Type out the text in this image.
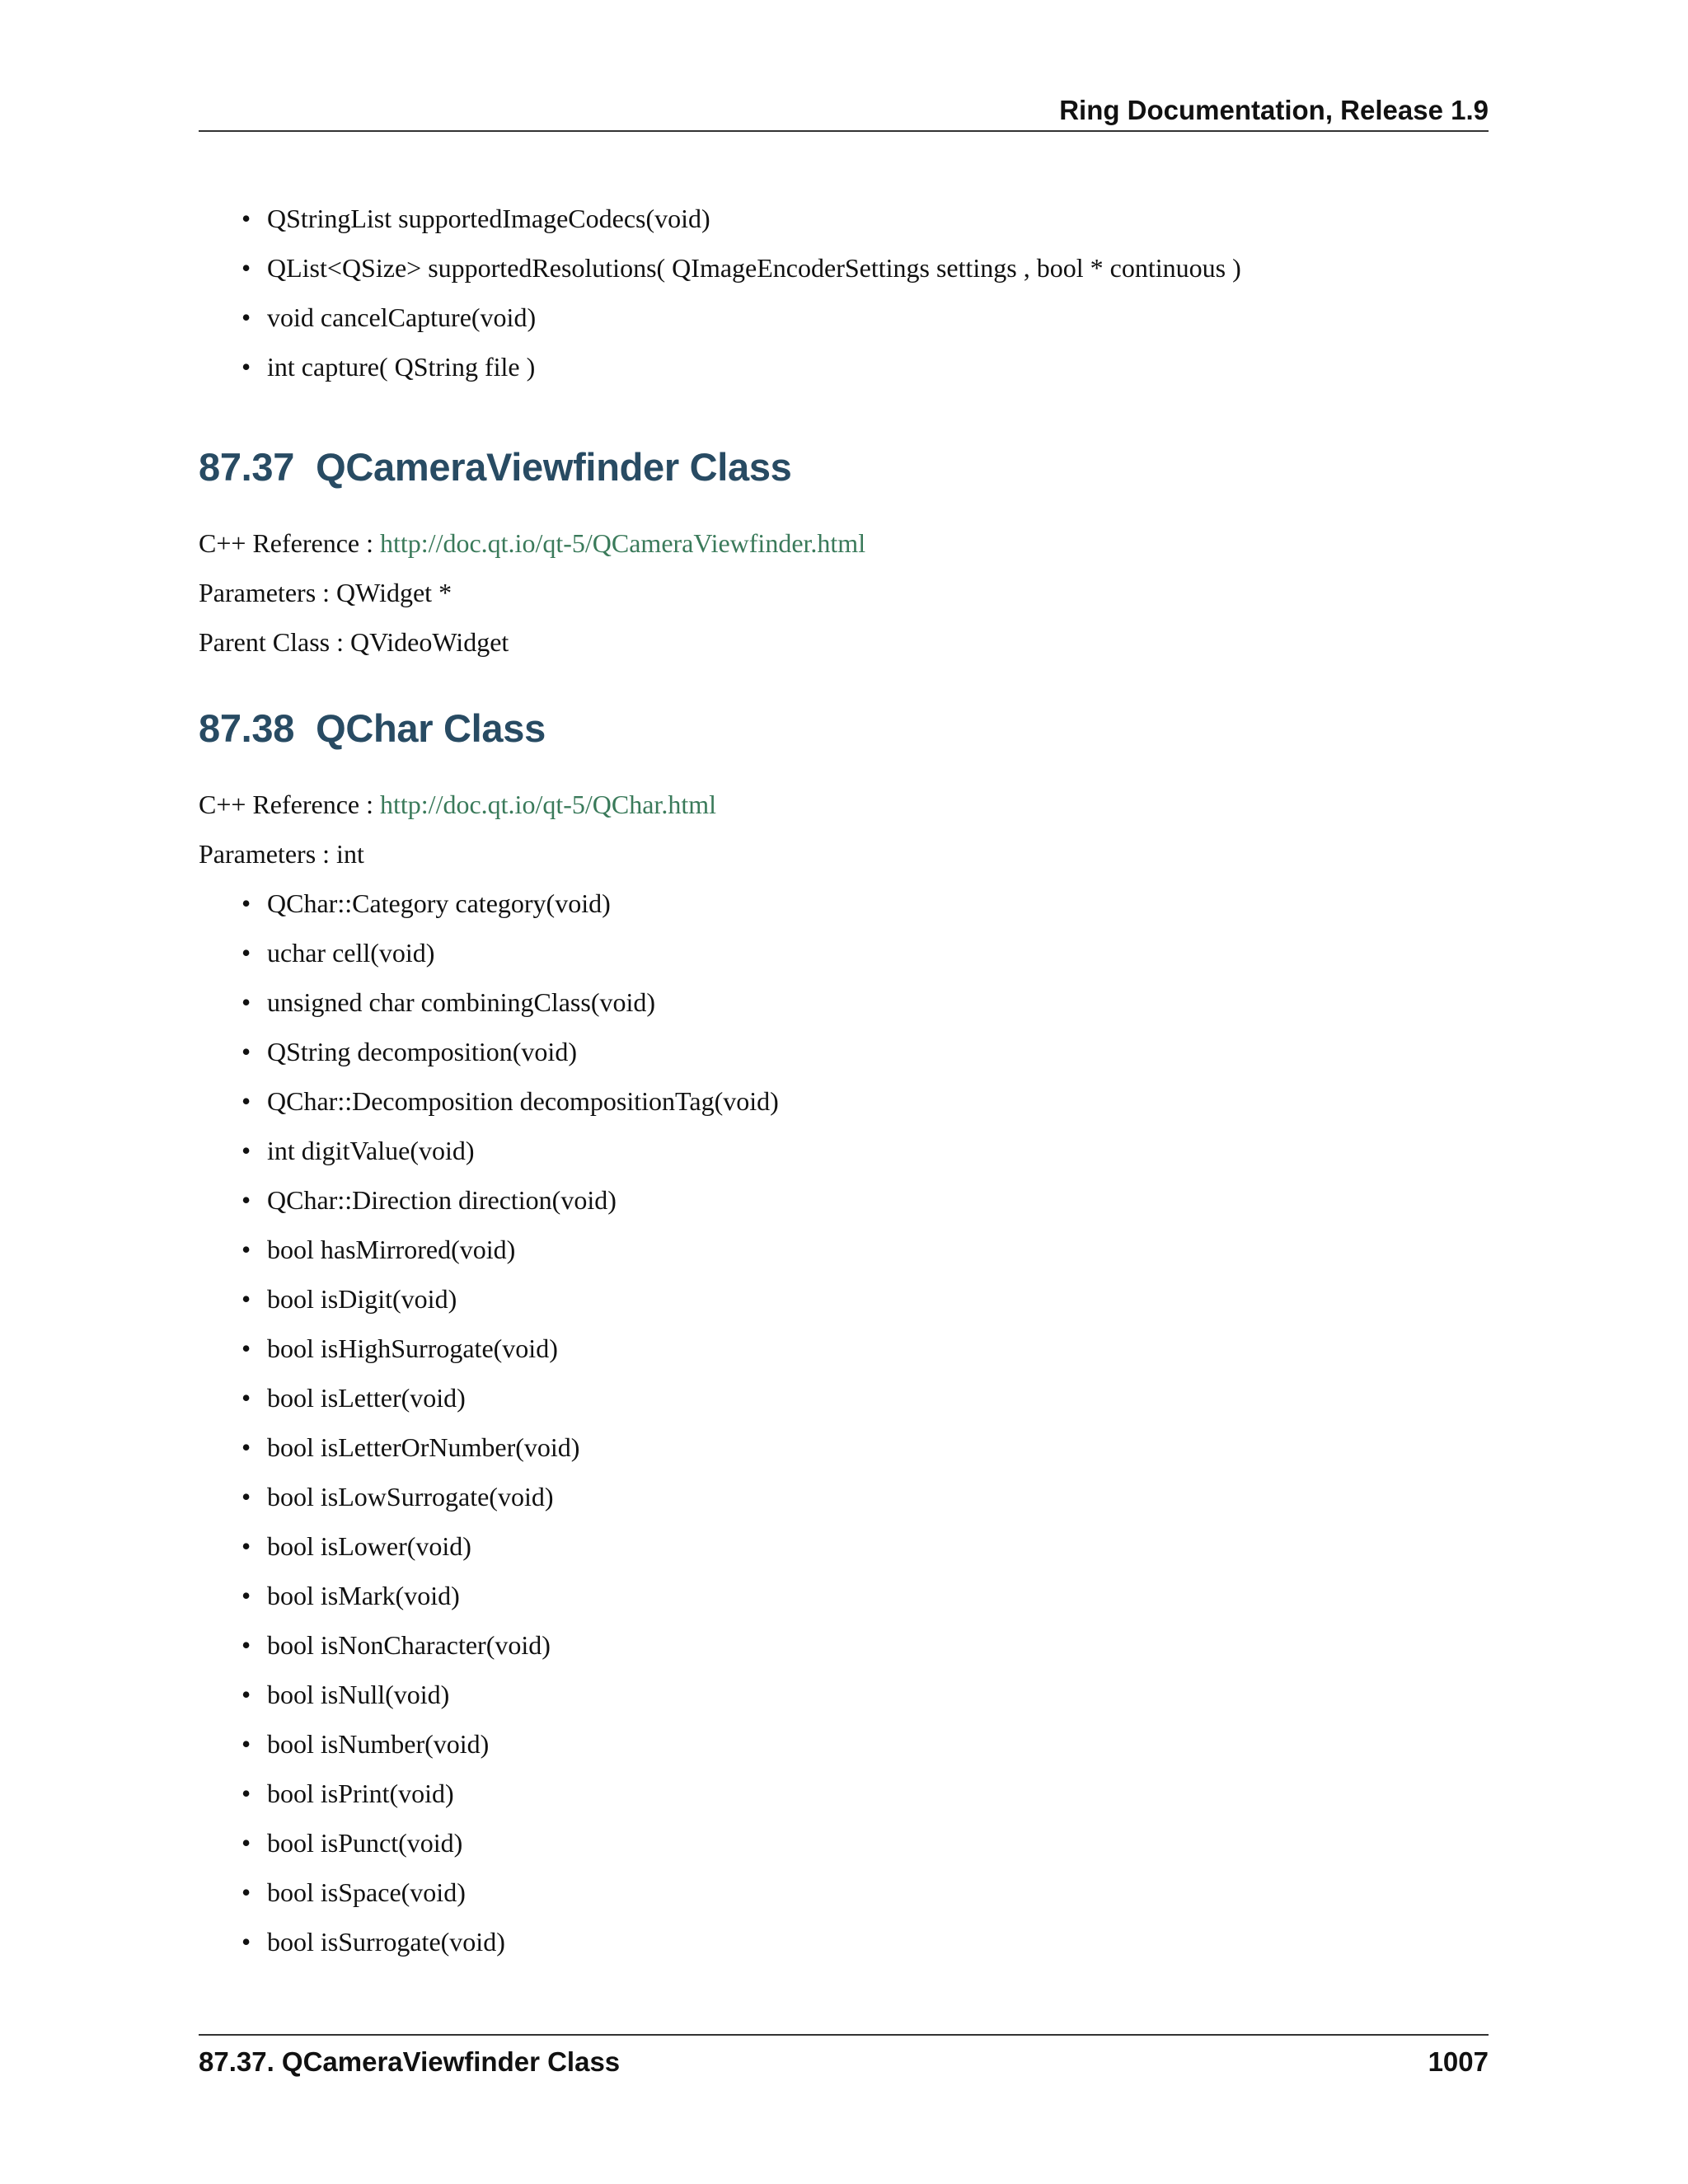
Ring Documentation, Release 1.9
• QStringList supportedImageCodecs(void)
• QList<QSize> supportedResolutions( QImageEncoderSettings settings , bool * continuous )
• void cancelCapture(void)
• int capture( QString file )
87.37 QCameraViewfinder Class

C++ Reference : http://doc.qt.io/qt-5/QCameraViewfinder.html

Parameters : QWidget *

Parent Class : QVideoWidget

87.38 QChar Class

C++ Reference : http://doc.qt.io/qt-5/QChar.html

Parameters : int

• QChar::Category category(void)
• uchar cell(void)
• unsigned char combiningClass(void)
• QString decomposition(void)
• QChar::Decomposition decompositionTag(void)
• int digitValue(void)
• QChar::Direction direction(void)
• bool hasMirrored(void)
• bool isDigit(void)
• bool isHighSurrogate(void)
• bool isLetter(void)
• bool isLetterOrNumber(void)
• bool isLowSurrogate(void)
• bool isLower(void)
• bool isMark(void)
• bool isNonCharacter(void)
• bool isNull(void)
• bool isNumber(void)
• bool isPrint(void)
• bool isPunct(void)
• bool isSpace(void)
• bool isSurrogate(void)
87.37. QCameraViewfinder Class	1007
